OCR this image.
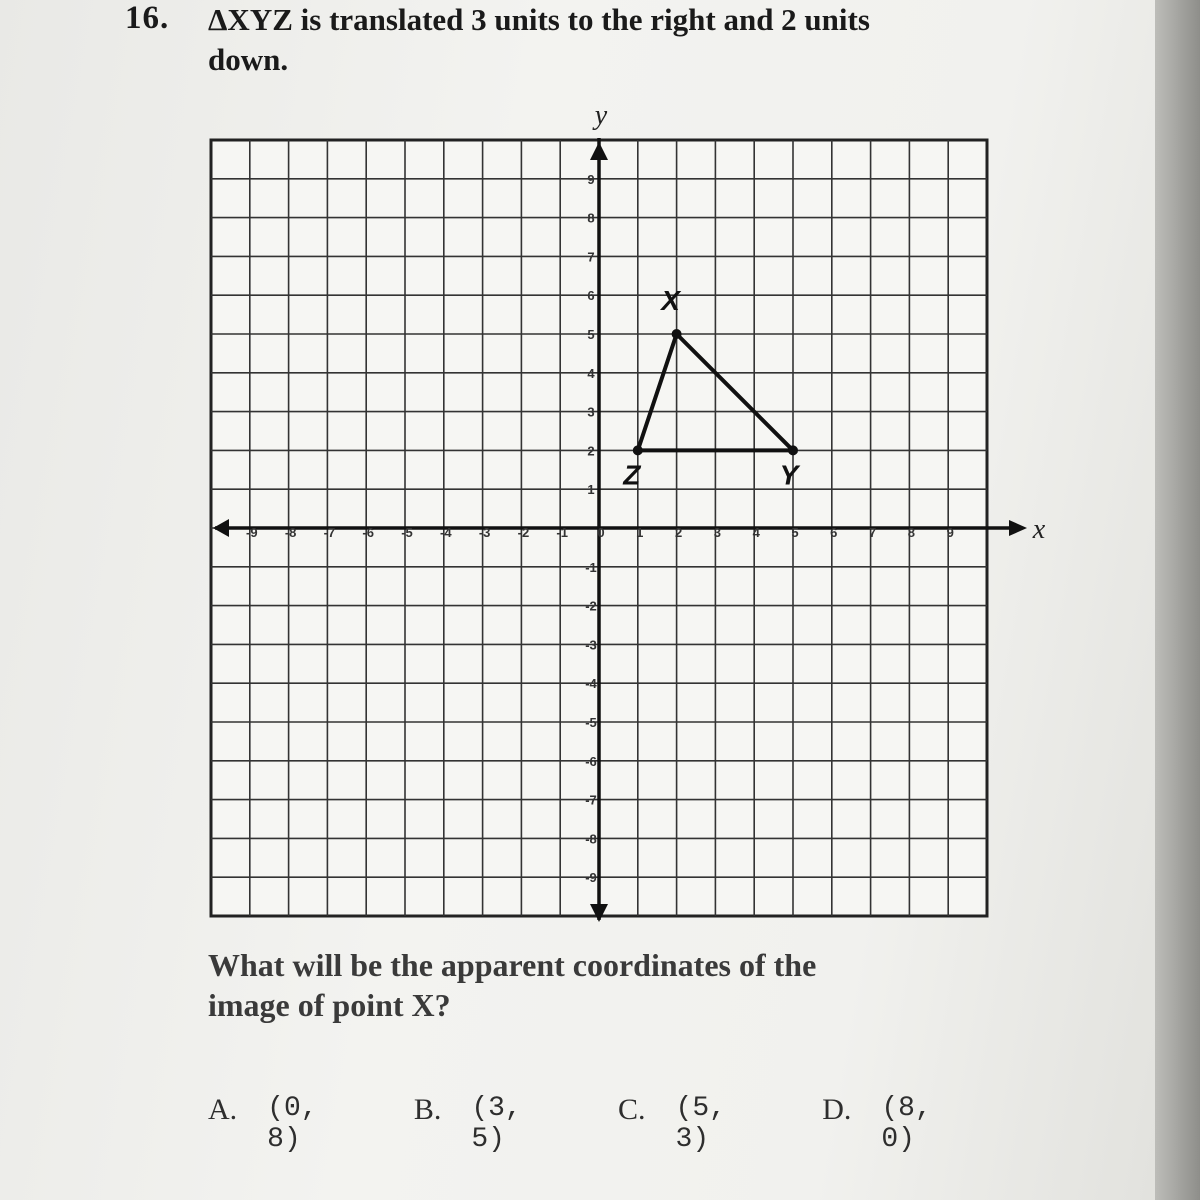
16. ΔXYZ is translated 3 units to the right and 2 units
down.
y
x
-9 -8 -7 -6 -5 -4 -3 -2 -1 0 1 2 3 4 5 6 7 8 9
9
8
7
6
5
4
3
2
1
-1
-2
-3
-4
-5
-6
-7
-8
-9
X
Y
Z
What will be the apparent coordinates of the
image of point X?
A. (0, 8)
B. (3, 5)
C. (5, 3)
D. (8, 0)
